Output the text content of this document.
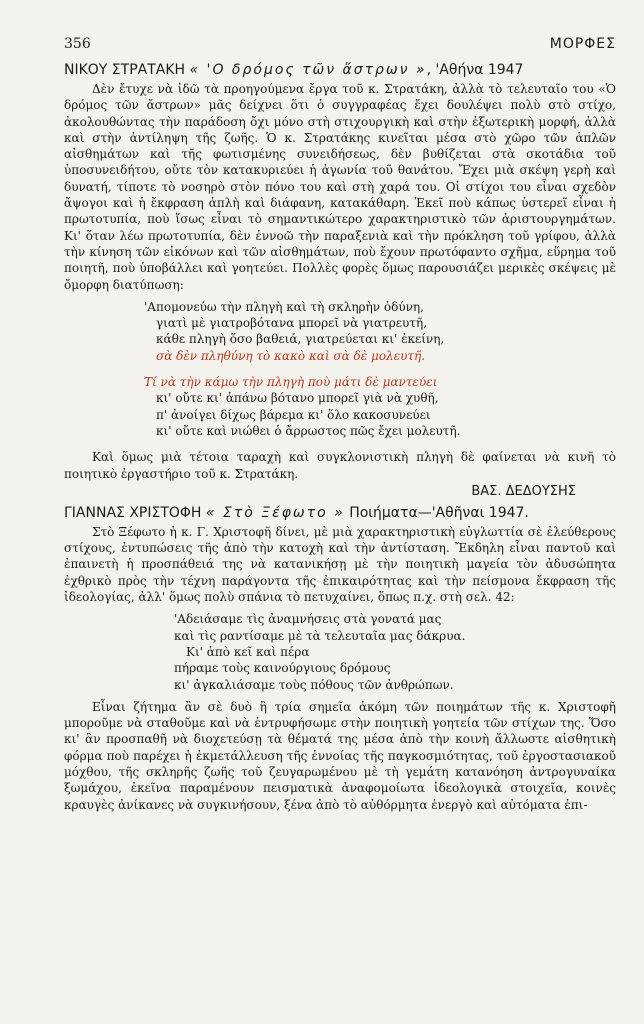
356	ΜΟΡΦΕΣ
ΝΙΚΟΥ ΣΤΡΑΤΑΚΗ « 'Ο δρόμος τῶν ἄστρων », 'Αθήνα 1947

Δὲν ἔτυχε νὰ ἰδῶ τὰ προηγούμενα ἔργα τοῦ κ. Στρατάκη, ἀλλὰ τὸ τελευταῖο του «Ὁ δρόμος τῶν ἄστρων» μᾶς δείχνει ὅτι ὁ συγγραφέας ἔχει δουλέψει πολὺ στὸ στίχο, ἀκολουθώντας τὴν παράδοση ὄχι μόνο στὴ στιχουργικὴ καὶ στὴν ἐξωτερικὴ μορφή, ἀλλὰ καὶ στὴν ἀντίληψη τῆς ζωῆς. Ὁ κ. Στρατάκης κινεῖται μέσα στὸ χῶρο τῶν ἁπλῶν αἰσθημάτων καὶ τῆς φωτισμένης συνειδήσεως, δὲν βυθίζεται στὰ σκοτάδια τοῦ ὑποσυνειδήτου, οὔτε τὸν κατακυριεύει ἡ ἀγωνία τοῦ θανάτου. Ἔχει μιὰ σκέψη γερὴ καὶ δυνατή, τίποτε τὸ νοσηρὸ στὸν πόνο του καὶ στὴ χαρά του. Οἱ στίχοι του εἶναι σχεδὸν ἄψογοι καὶ ἡ ἔκφραση ἁπλὴ καὶ διάφανη, κατακάθαρη. Ἐκεῖ ποὺ κάπως ὑστερεῖ εἶναι ἡ πρωτοτυπία, ποὺ ἴσως εἶναι τὸ σημαντικώτερο χαρακτηριστικὸ τῶν ἀριστουργημάτων. Κι' ὅταν λέω πρωτοτυπία, δὲν ἐννοῶ τὴν παραξενιὰ καὶ τὴν πρόκληση τοῦ γρίφου, ἀλλὰ τὴν κίνηση τῶν εἰκόνων καὶ τῶν αἰσθημάτων, ποὺ ἔχουν πρωτόφαντο σχῆμα, εὕρημα τοῦ ποιητῆ, ποὺ ὑποβάλλει καὶ γοητεύει. Πολλὲς φορὲς ὅμως παρουσιάζει μερικὲς σκέψεις μὲ ὄμορφη διατύπωση:

'Απομονεύω τὴν πληγὴ καὶ τὴ σκληρὴν ὀδύνη,
γιατὶ μὲ γιατροβότανα μπορεῖ νὰ γιατρευτῆ,
κάθε πληγὴ ὅσο βαθειά, γιατρεύεται κι' ἐκείνη,
σὰ δὲν πληθύνη τὸ κακὸ καὶ σὰ δὲ μολευτῆ.
Τί νὰ τὴν κάμω τὴν πληγὴ ποὺ μάτι δὲ μαντεύει
κι' οὔτε κι' ἀπάνω βότανο μπορεῖ γιὰ νὰ χυθῆ,
π' ἀνοίγει δίχως βάρεμα κι' ὅλο κακοσυνεύει
κι' οὔτε καὶ νιώθει ὁ ἄρρωστος πῶς ἔχει μολευτῆ.

Καὶ ὅμως μιὰ τέτοια ταραχὴ καὶ συγκλονιστικὴ πληγὴ δὲ φαίνεται νὰ κινῆ τὸ ποιητικὸ ἐργαστήριο τοῦ κ. Στρατάκη.

ΒΑΣ. ΔΕΔΟΥΣΗΣ
ΓΙΑΝΝΑΣ ΧΡΙΣΤΟΦΗ « Στὸ Ξέφωτο » Ποιήματα—'Αθῆναι 1947.

Στὸ Ξέφωτο ἡ κ. Γ. Χριστοφῆ δίνει, μὲ μιὰ χαρακτηριστικὴ εὐγλωττία σὲ ἐλεύθερους στίχους, ἐντυπώσεις τῆς ἀπὸ τὴν κατοχὴ καὶ τὴν ἀντίσταση. Ἔκδηλη εἶναι παντοῦ καὶ ἐπαινετὴ ἡ προσπάθειά της νὰ κατανικήσῃ μὲ τὴν ποιητικὴ μαγεία τὸν ἀδυσώπητα ἐχθρικὸ πρὸς τὴν τέχνη παράγοντα τῆς ἐπικαιρότητας καὶ τὴν πείσμονα ἔκφραση τῆς ἰδεολογίας, ἀλλ' ὅμως πολὺ σπάνια τὸ πετυχαίνει, ὅπως π.χ. στὴ σελ. 42:

'Αδειάσαμε τὶς ἀναμνήσεις στὰ γονατά μας
καὶ τὶς ραντίσαμε μὲ τὰ τελευταῖα μας δάκρυα.
Κι' ἀπὸ κεῖ καὶ πέρα
πήραμε τοὺς καινούργιους δρόμους
κι' ἀγκαλιάσαμε τοὺς πόθους τῶν ἀνθρώπων.

Εἶναι ζήτημα ἂν σὲ δυὸ ἢ τρία σημεῖα ἀκόμη τῶν ποιημάτων τῆς κ. Χριστοφῆ μποροῦμε νὰ σταθοῦμε καὶ νὰ ἐντρυφήσωμε στὴν ποιητικὴ γοητεία τῶν στίχων της. Ὅσο κι' ἂν προσπαθῆ νὰ διοχετεύσῃ τὰ θέματά της μέσα ἀπὸ τὴν κοινὴ ἄλλωστε αἰσθητικὴ φόρμα ποὺ παρέχει ἡ ἐκμετάλλευση τῆς ἐννοίας τῆς παγκοσμιότητας, τοῦ ἐργοστασιακοῦ μόχθου, τῆς σκληρῆς ζωῆς τοῦ ζευγαρωμένου μὲ τὴ γεμάτη κατανόηση ἀντρογυναίκα ξωμάχου, ἐκεῖνα παραμένουν πεισματικὰ ἀναφομοίωτα ἰδεολογικὰ στοιχεῖα, κοινὲς κραυγὲς ἀνίκανες νὰ συγκινήσουν, ξένα ἀπὸ τὸ αὐθόρμητα ἐνεργὸ καὶ αὐτόματα ἐπι-
